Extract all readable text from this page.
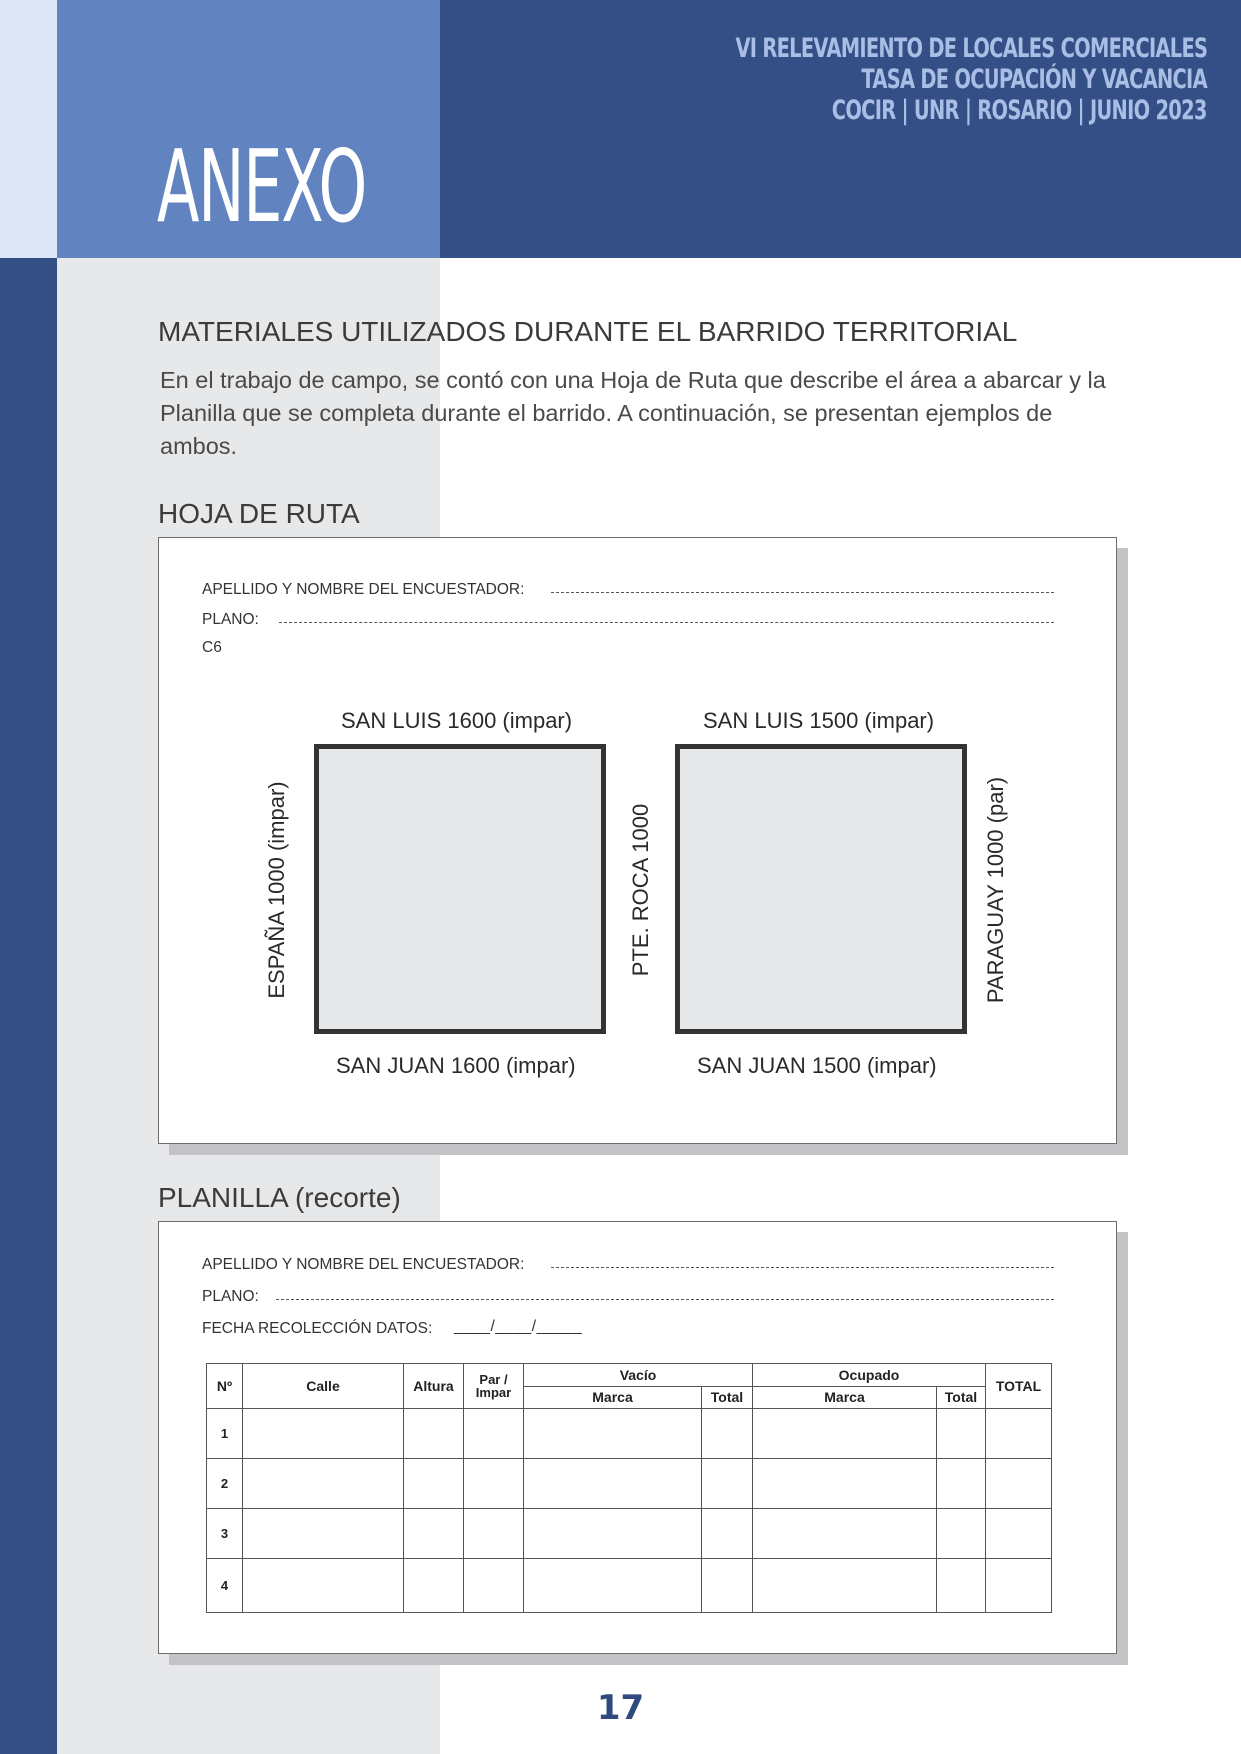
VI RELEVAMIENTO DE LOCALES COMERCIALES
TASA DE OCUPACIÓN Y VACANCIA
COCIR | UNR | ROSARIO | JUNIO 2023
ANEXO
MATERIALES UTILIZADOS DURANTE EL BARRIDO TERRITORIAL
En el trabajo de campo, se contó con una Hoja de Ruta que describe el área a abarcar y la Planilla que se completa durante el barrido. A continuación, se presentan ejemplos de ambos.
HOJA DE RUTA
APELLIDO Y NOMBRE DEL ENCUESTADOR:
PLANO:
C6
SAN LUIS 1600 (impar)	SAN LUIS 1500 (impar)
ESPAÑA 1000 (impar)	PTE. ROCA 1000	PARAGUAY 1000 (par)
SAN JUAN 1600 (impar)	SAN JUAN 1500 (impar)
PLANILLA (recorte)
APELLIDO Y NOMBRE DEL ENCUESTADOR:
PLANO:
FECHA RECOLECCIÓN DATOS: ____/____/_____
Nº	Calle	Altura	Par / Impar	Vacío		Ocupado		TOTAL
				Marca	Total	Marca	Total	
1								
2								
3								
4								
17
